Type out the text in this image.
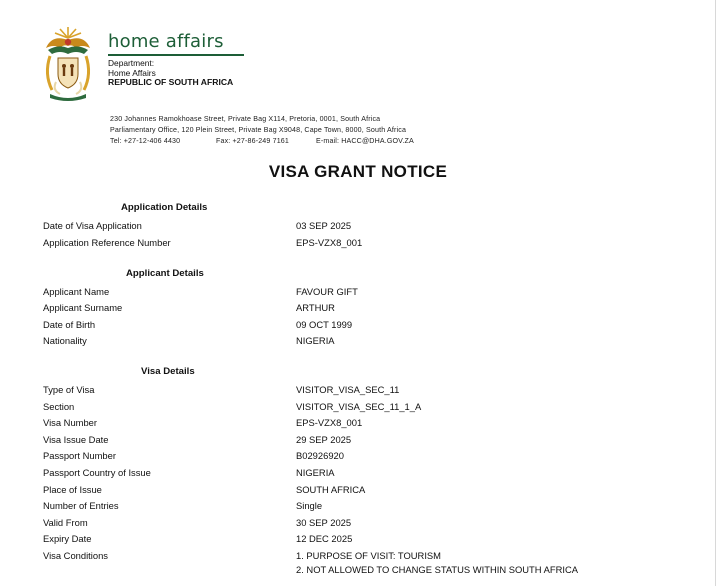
home affairs
Department:
Home Affairs
REPUBLIC OF SOUTH AFRICA
230 Johannes Ramokhoase Street, Private Bag X114, Pretoria, 0001, South Africa
Parliamentary Office, 120 Plein Street, Private Bag X9048, Cape Town, 8000, South Africa
Tel: +27-12-406 4430	Fax: +27-86-249 7161	E-mail: HACC@DHA.GOV.ZA
VISA GRANT NOTICE
Application Details
Date of Visa Application	03 SEP 2025
Application Reference Number	EPS-VZX8_001
Applicant Details
Applicant Name	FAVOUR GIFT
Applicant Surname	ARTHUR
Date of Birth	09 OCT 1999
Nationality	NIGERIA
Visa Details
Type of Visa	VISITOR_VISA_SEC_11
Section	VISITOR_VISA_SEC_11_1_A
Visa Number	EPS-VZX8_001
Visa Issue Date	29 SEP 2025
Passport Number	B02926920
Passport Country of Issue	NIGERIA
Place of Issue	SOUTH AFRICA
Number of Entries	Single
Valid From	30 SEP 2025
Expiry Date	12 DEC 2025
Visa Conditions	1. PURPOSE OF VISIT: TOURISM
2. NOT ALLOWED TO CHANGE STATUS WITHIN SOUTH AFRICA
